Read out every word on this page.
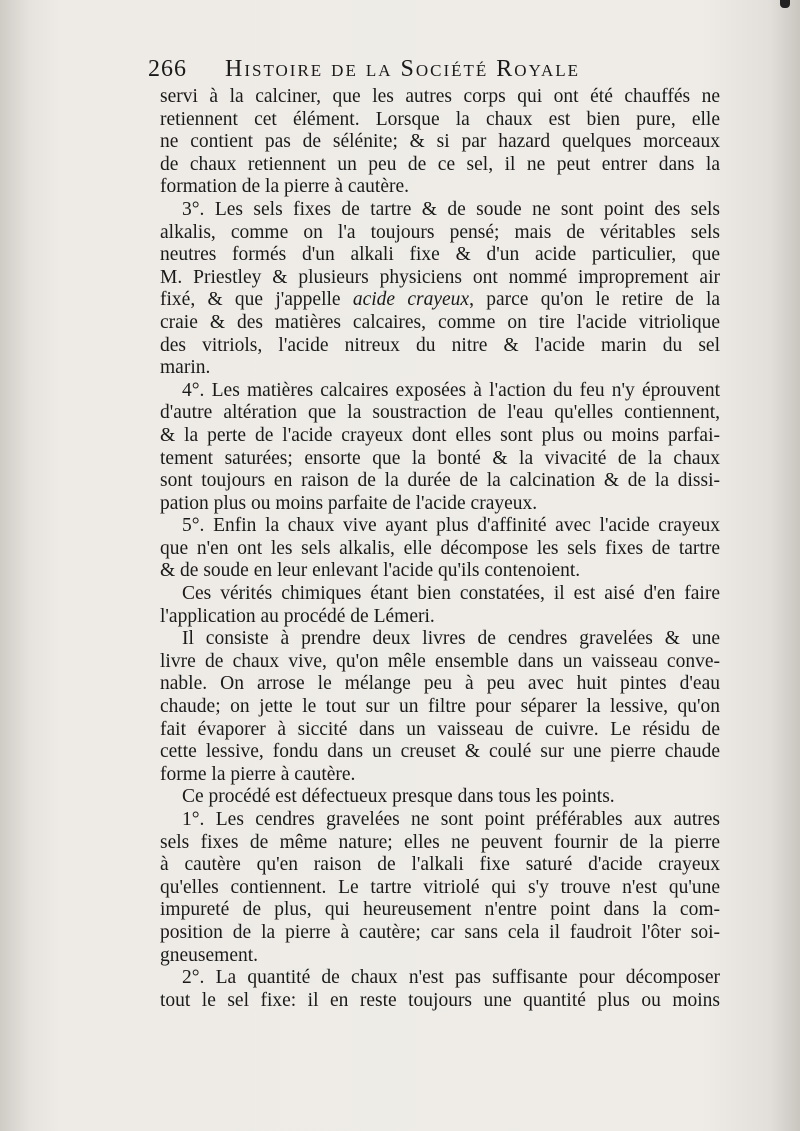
266 Histoire de la Société Royale
servi à la calciner, que les autres corps qui ont été chauffés ne
retiennent cet élément. Lorsque la chaux est bien pure, elle
ne contient pas de sélénite; & si par hazard quelques morceaux
de chaux retiennent un peu de ce sel, il ne peut entrer dans la
formation de la pierre à cautère.
3°. Les sels fixes de tartre & de soude ne sont point des sels
alkalis, comme on l'a toujours pensé; mais de véritables sels
neutres formés d'un alkali fixe & d'un acide particulier, que
M. Priestley & plusieurs physiciens ont nommé improprement air
fixé, & que j'appelle acide crayeux, parce qu'on le retire de la
craie & des matières calcaires, comme on tire l'acide vitriolique
des vitriols, l'acide nitreux du nitre & l'acide marin du sel
marin.
4°. Les matières calcaires exposées à l'action du feu n'y éprouvent
d'autre altération que la soustraction de l'eau qu'elles contiennent,
& la perte de l'acide crayeux dont elles sont plus ou moins parfai-
tement saturées; ensorte que la bonté & la vivacité de la chaux
sont toujours en raison de la durée de la calcination & de la dissi-
pation plus ou moins parfaite de l'acide crayeux.
5°. Enfin la chaux vive ayant plus d'affinité avec l'acide crayeux
que n'en ont les sels alkalis, elle décompose les sels fixes de tartre
& de soude en leur enlevant l'acide qu'ils contenoient.
Ces vérités chimiques étant bien constatées, il est aisé d'en faire
l'application au procédé de Lémeri.
Il consiste à prendre deux livres de cendres gravelées & une
livre de chaux vive, qu'on mêle ensemble dans un vaisseau conve-
nable. On arrose le mélange peu à peu avec huit pintes d'eau
chaude; on jette le tout sur un filtre pour séparer la lessive, qu'on
fait évaporer à siccité dans un vaisseau de cuivre. Le résidu de
cette lessive, fondu dans un creuset & coulé sur une pierre chaude
forme la pierre à cautère.
Ce procédé est défectueux presque dans tous les points.
1°. Les cendres gravelées ne sont point préférables aux autres
sels fixes de même nature; elles ne peuvent fournir de la pierre
à cautère qu'en raison de l'alkali fixe saturé d'acide crayeux
qu'elles contiennent. Le tartre vitriolé qui s'y trouve n'est qu'une
impureté de plus, qui heureusement n'entre point dans la com-
position de la pierre à cautère; car sans cela il faudroit l'ôter soi-
gneusement.
2°. La quantité de chaux n'est pas suffisante pour décomposer
tout le sel fixe: il en reste toujours une quantité plus ou moins
